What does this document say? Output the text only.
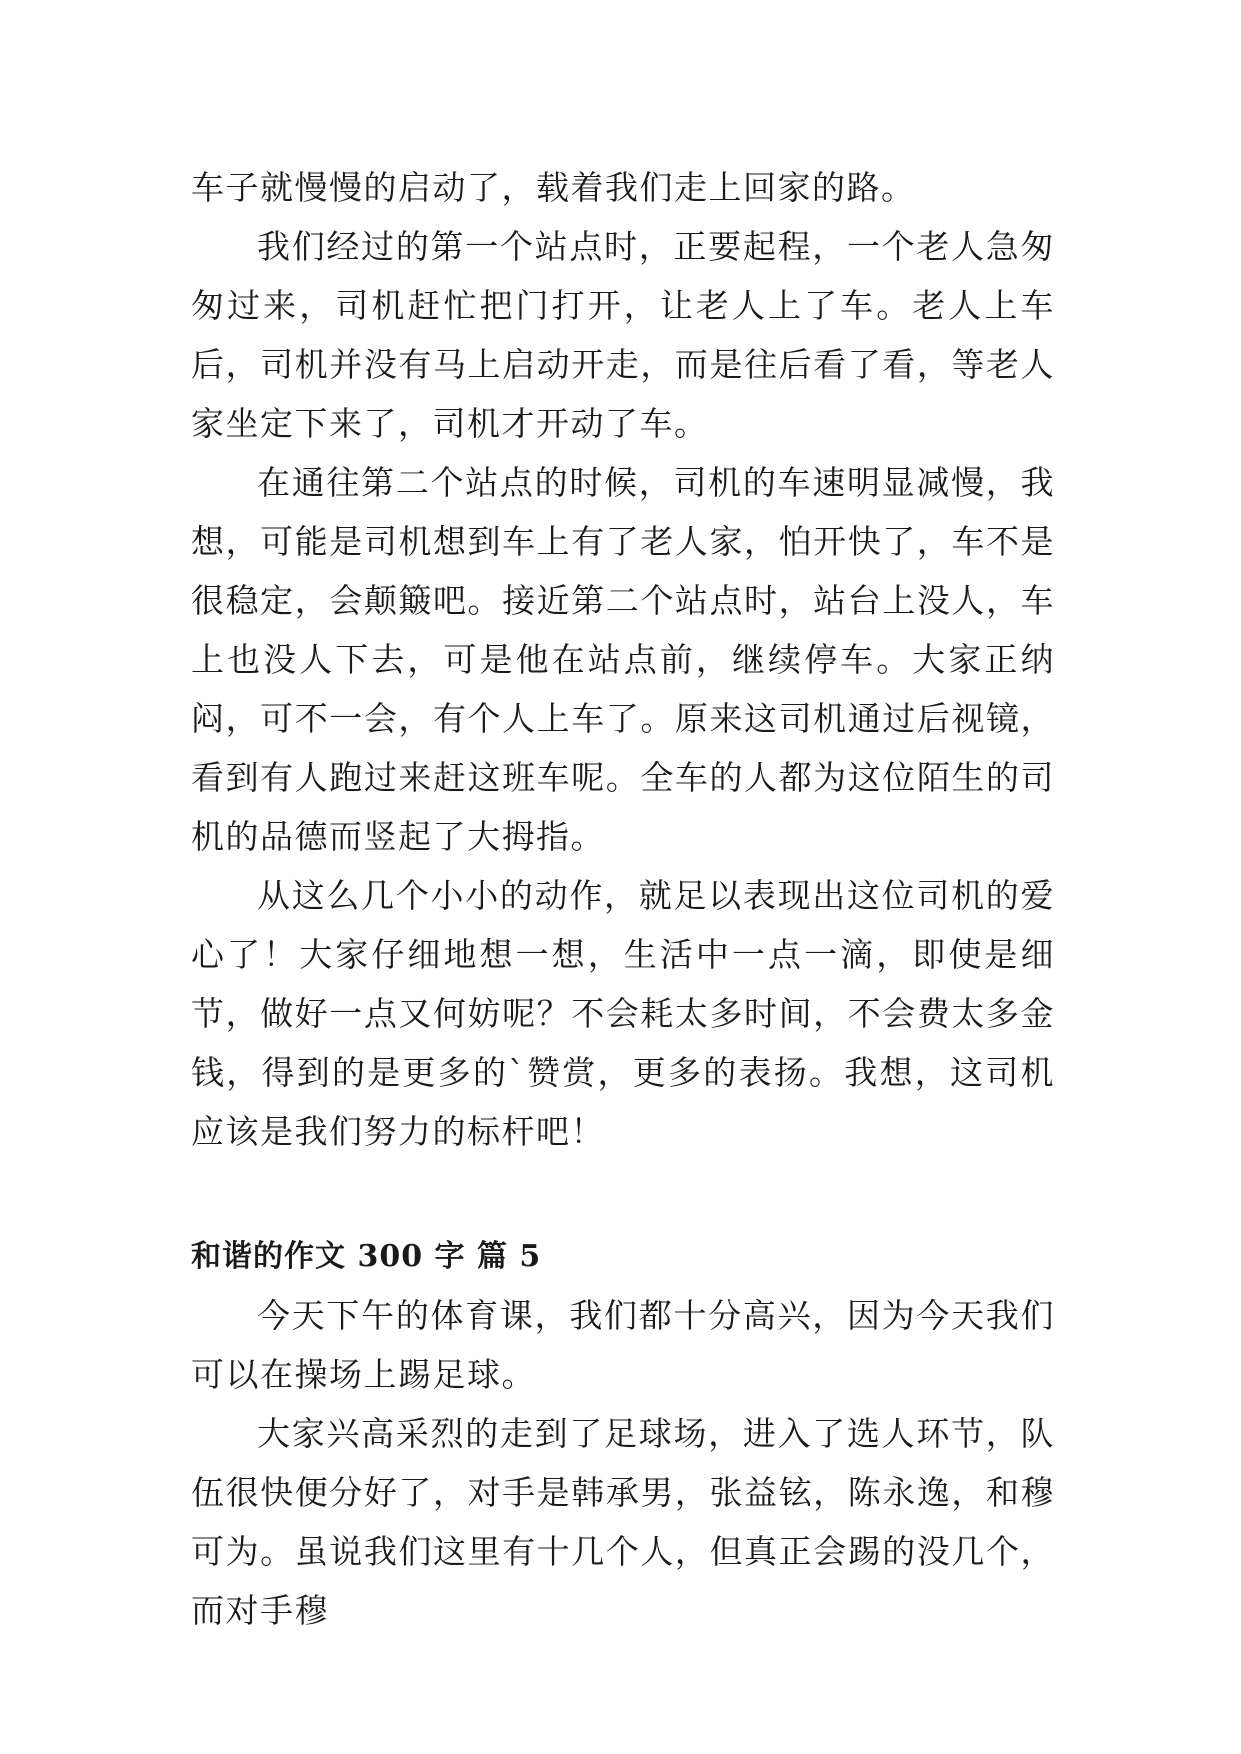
车子就慢慢的启动了，载着我们走上回家的路。

我们经过的第一个站点时，正要起程，一个老人急匆匆过来，司机赶忙把门打开，让老人上了车。老人上车后，司机并没有马上启动开走，而是往后看了看，等老人家坐定下来了，司机才开动了车。

在通往第二个站点的时候，司机的车速明显减慢，我想，可能是司机想到车上有了老人家，怕开快了，车不是很稳定，会颠簸吧。接近第二个站点时，站台上没人，车上也没人下去，可是他在站点前，继续停车。大家正纳闷，可不一会，有个人上车了。原来这司机通过后视镜，看到有人跑过来赶这班车呢。全车的人都为这位陌生的司机的品德而竖起了大拇指。

从这么几个小小的动作，就足以表现出这位司机的爱心了！大家仔细地想一想，生活中一点一滴，即使是细节，做好一点又何妨呢？不会耗太多时间，不会费太多金钱，得到的是更多的`赞赏，更多的表扬。我想，这司机应该是我们努力的标杆吧！

和谐的作文 300 字 篇 5

今天下午的体育课，我们都十分高兴，因为今天我们可以在操场上踢足球。

大家兴高采烈的走到了足球场，进入了选人环节，队伍很快便分好了，对手是韩承男，张益铉，陈永逸，和穆可为。虽说我们这里有十几个人，但真正会踢的没几个，而对手穆
